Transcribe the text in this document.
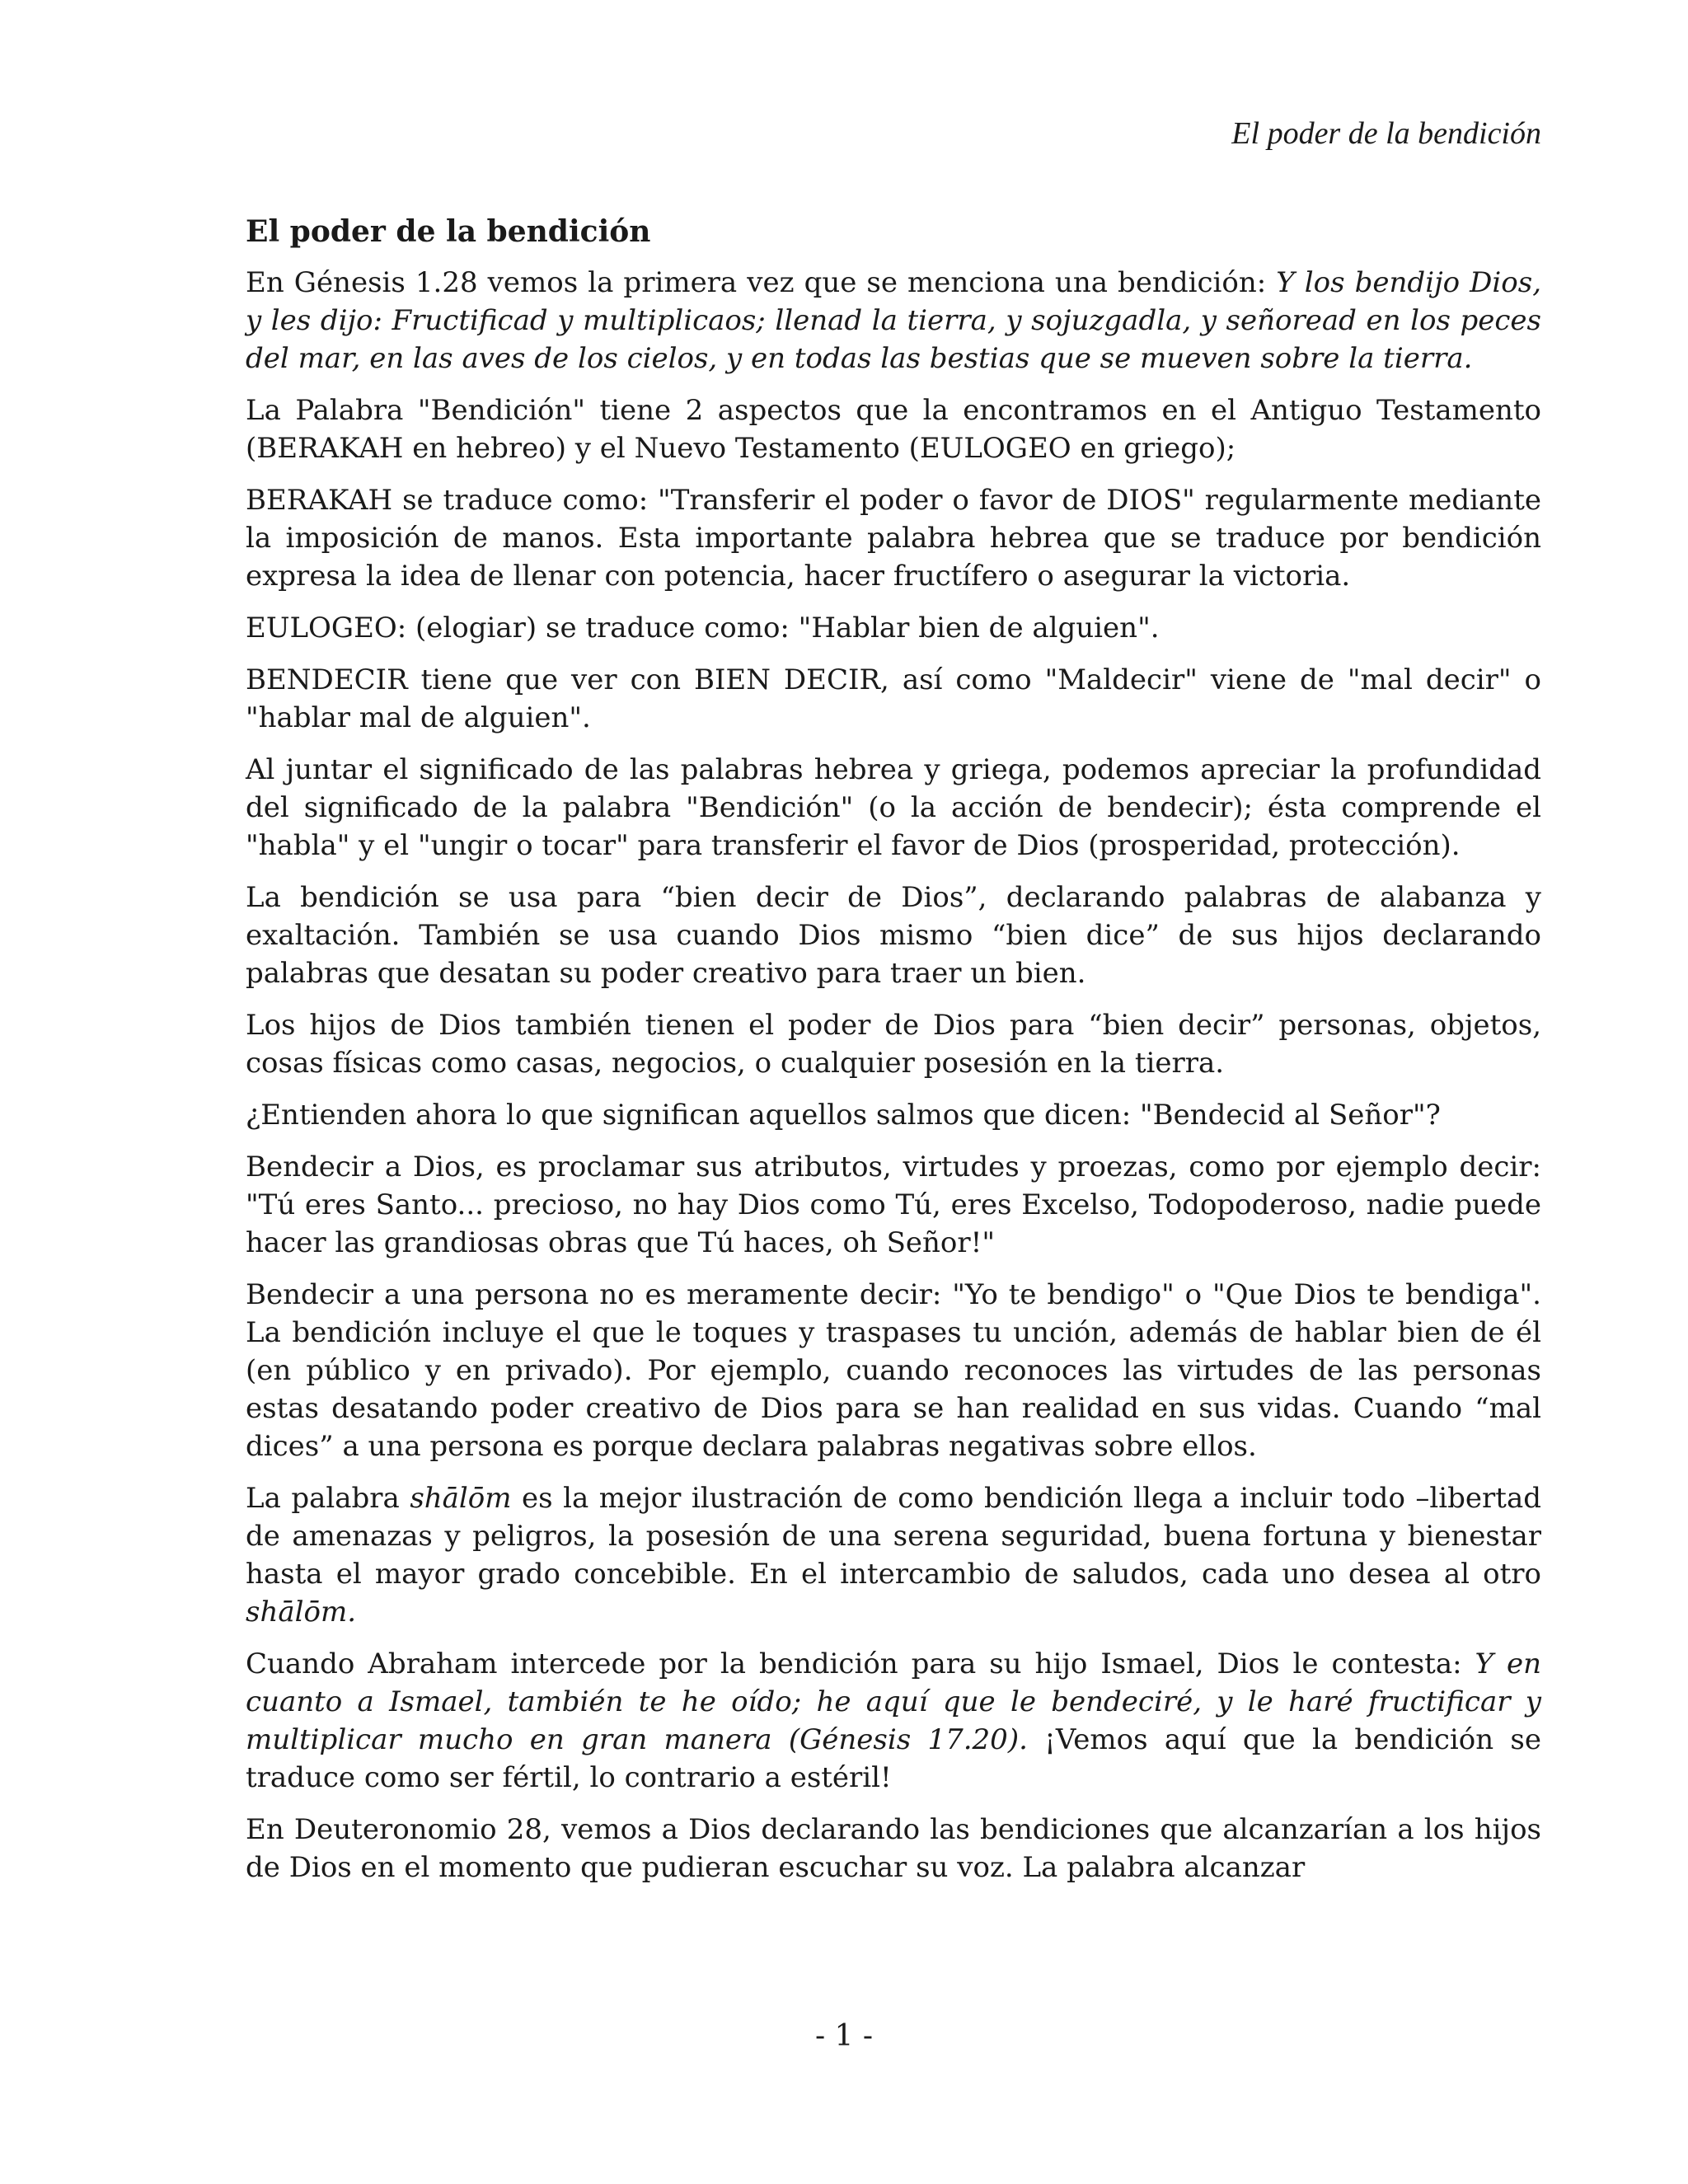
El poder de la bendición
El poder de la bendición

En Génesis 1.28 vemos la primera vez que se menciona una bendición: Y los bendijo Dios, y les dijo: Fructificad y multiplicaos; llenad la tierra, y sojuzgadla, y señoread en los peces del mar, en las aves de los cielos, y en todas las bestias que se mueven sobre la tierra.

La Palabra "Bendición" tiene 2 aspectos que la encontramos en el Antiguo Testamento (BERAKAH en hebreo) y el Nuevo Testamento (EULOGEO en griego);

BERAKAH se traduce como: "Transferir el poder o favor de DIOS" regularmente mediante la imposición de manos. Esta importante palabra hebrea que se traduce por bendición expresa la idea de llenar con potencia, hacer fructífero o asegurar la victoria.

EULOGEO: (elogiar) se traduce como: "Hablar bien de alguien".

BENDECIR tiene que ver con BIEN DECIR, así como "Maldecir" viene de "mal decir" o "hablar mal de alguien".

Al juntar el significado de las palabras hebrea y griega, podemos apreciar la profundidad del significado de la palabra "Bendición" (o la acción de bendecir); ésta comprende el "habla" y el "ungir o tocar" para transferir el favor de Dios (prosperidad, protección).

La bendición se usa para “bien decir de Dios”, declarando palabras de alabanza y exaltación. También se usa cuando Dios mismo “bien dice” de sus hijos declarando palabras que desatan su poder creativo para traer un bien.

Los hijos de Dios también tienen el poder de Dios para “bien decir” personas, objetos, cosas físicas como casas, negocios, o cualquier posesión en la tierra.

¿Entienden ahora lo que significan aquellos salmos que dicen: "Bendecid al Señor"?

Bendecir a Dios, es proclamar sus atributos, virtudes y proezas, como por ejemplo decir: "Tú eres Santo... precioso, no hay Dios como Tú, eres Excelso, Todopoderoso, nadie puede hacer las grandiosas obras que Tú haces, oh Señor!"

Bendecir a una persona no es meramente decir: "Yo te bendigo" o "Que Dios te bendiga". La bendición incluye el que le toques y traspases tu unción, además de hablar bien de él (en público y en privado). Por ejemplo, cuando reconoces las virtudes de las personas estas desatando poder creativo de Dios para se han realidad en sus vidas. Cuando “mal dices” a una persona es porque declara palabras negativas sobre ellos.

La palabra shālōm es la mejor ilustración de como bendición llega a incluir todo –libertad de amenazas y peligros, la posesión de una serena seguridad, buena fortuna y bienestar hasta el mayor grado concebible. En el intercambio de saludos, cada uno desea al otro shālōm.

Cuando Abraham intercede por la bendición para su hijo Ismael, Dios le contesta: Y en cuanto a Ismael, también te he oído; he aquí que le bendeciré, y le haré fructificar y multiplicar mucho en gran manera (Génesis 17.20). ¡Vemos aquí que la bendición se traduce como ser fértil, lo contrario a estéril!

En Deuteronomio 28, vemos a Dios declarando las bendiciones que alcanzarían a los hijos de Dios en el momento que pudieran escuchar su voz. La palabra alcanzar

- 1 -
